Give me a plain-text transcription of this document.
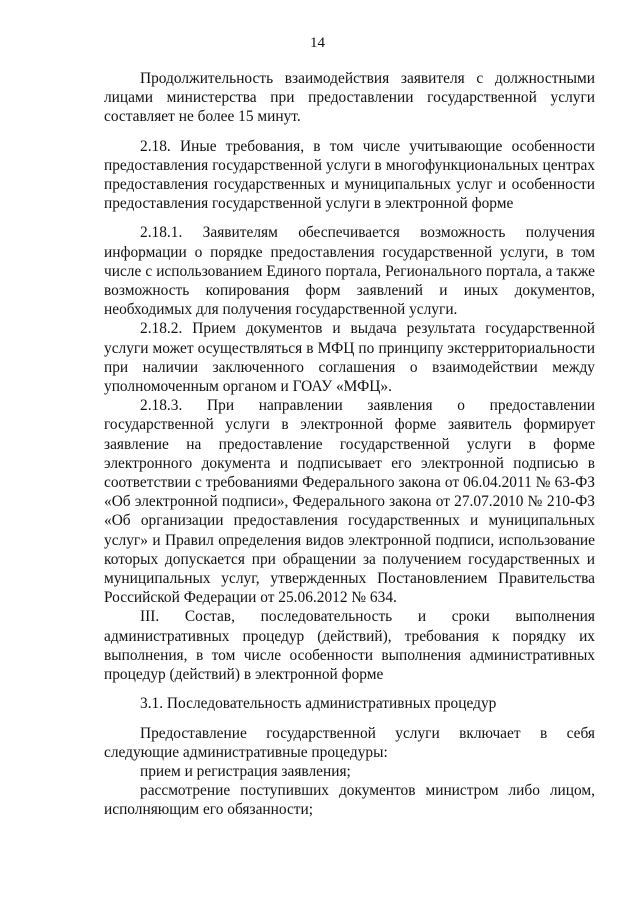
14

Продолжительность взаимодействия заявителя с должностными лицами министерства при предоставлении государственной услуги составляет не более 15 минут.

2.18. Иные требования, в том числе учитывающие особенности предоставления государственной услуги в многофункциональных центрах предоставления государственных и муниципальных услуг и особенности предоставления государственной услуги в электронной форме

2.18.1. Заявителям обеспечивается возможность получения информации о порядке предоставления государственной услуги, в том числе с использованием Единого портала, Регионального портала, а также возможность копирования форм заявлений и иных документов, необходимых для получения государственной услуги.

2.18.2. Прием документов и выдача результата государственной услуги может осуществляться в МФЦ по принципу экстерриториальности при наличии заключенного соглашения о взаимодействии между уполномоченным органом и ГОАУ «МФЦ».

2.18.3. При направлении заявления о предоставлении государственной услуги в электронной форме заявитель формирует заявление на предоставление государственной услуги в форме электронного документа и подписывает его электронной подписью в соответствии с требованиями Федерального закона от 06.04.2011 № 63-ФЗ «Об электронной подписи», Федерального закона от 27.07.2010 № 210-ФЗ «Об организации предоставления государственных и муниципальных услуг» и Правил определения видов электронной подписи, использование которых допускается при обращении за получением государственных и муниципальных услуг, утвержденных Постановлением Правительства Российской Федерации от 25.06.2012 № 634.

III. Состав, последовательность и сроки выполнения административных процедур (действий), требования к порядку их выполнения, в том числе особенности выполнения административных процедур (действий) в электронной форме

3.1. Последовательность административных процедур

Предоставление государственной услуги включает в себя следующие административные процедуры:

прием и регистрация заявления;

рассмотрение поступивших документов министром либо лицом, исполняющим его обязанности;
